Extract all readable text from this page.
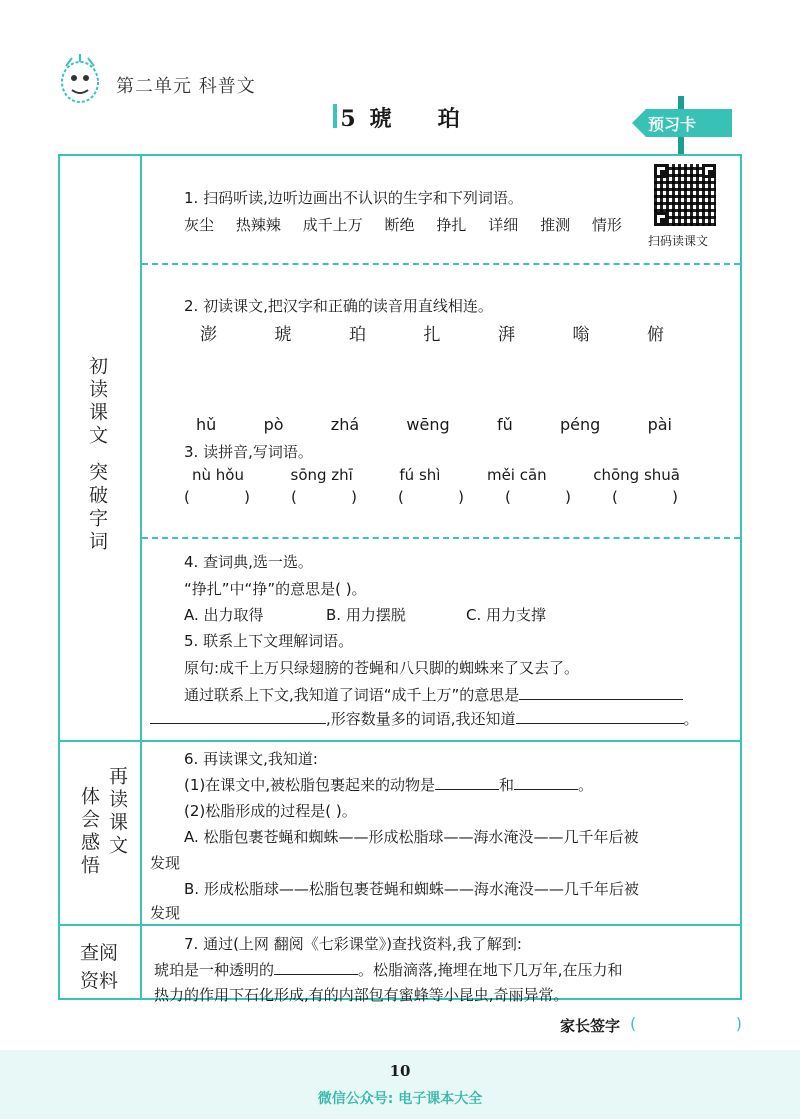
第二单元 科普文
5 琥 珀	预习卡
初读课文
突破字词
再读课文
体会感悟
查阅
资料
1. 扫码听读,边听边画出不认识的生字和下列词语。
灰尘 热辣辣 成千上万 断绝 挣扎 详细 推测 情形
扫码读课文
2. 初读课文,把汉字和正确的读音用直线相连。
澎	琥	珀	扎	湃	嗡	俯
hǔ	pò	zhá	wēng	fǔ	péng	pài
3. 读拼音,写词语。
nù hǒu	sōng zhī	fú shì	měi cān	chōng shuā
(	)	(	)	(	)	(	)	(	)
4. 查词典,选一选。
“挣扎”中“挣”的意思是( )。
A. 出力取得	B. 用力摆脱	C. 用力支撑
5. 联系上下文理解词语。
原句:成千上万只绿翅膀的苍蝇和八只脚的蜘蛛来了又去了。
通过联系上下文,我知道了词语“成千上万”的意思是
,形容数量多的词语,我还知道	。
6. 再读课文,我知道:
(1)在课文中,被松脂包裹起来的动物是	和	。
(2)松脂形成的过程是( )。
A. 松脂包裹苍蝇和蜘蛛——形成松脂球——海水淹没——几千年后被
发现
B. 形成松脂球——松脂包裹苍蝇和蜘蛛——海水淹没——几千年后被
发现
7. 通过(上网 翻阅《七彩课堂》)查找资料,我了解到:
琥珀是一种透明的	。松脂滴落,掩埋在地下几万年,在压力和
热力的作用下石化形成,有的内部包有蜜蜂等小昆虫,奇丽异常。
家长签字 (	)
10
微信公众号: 电子课本大全
